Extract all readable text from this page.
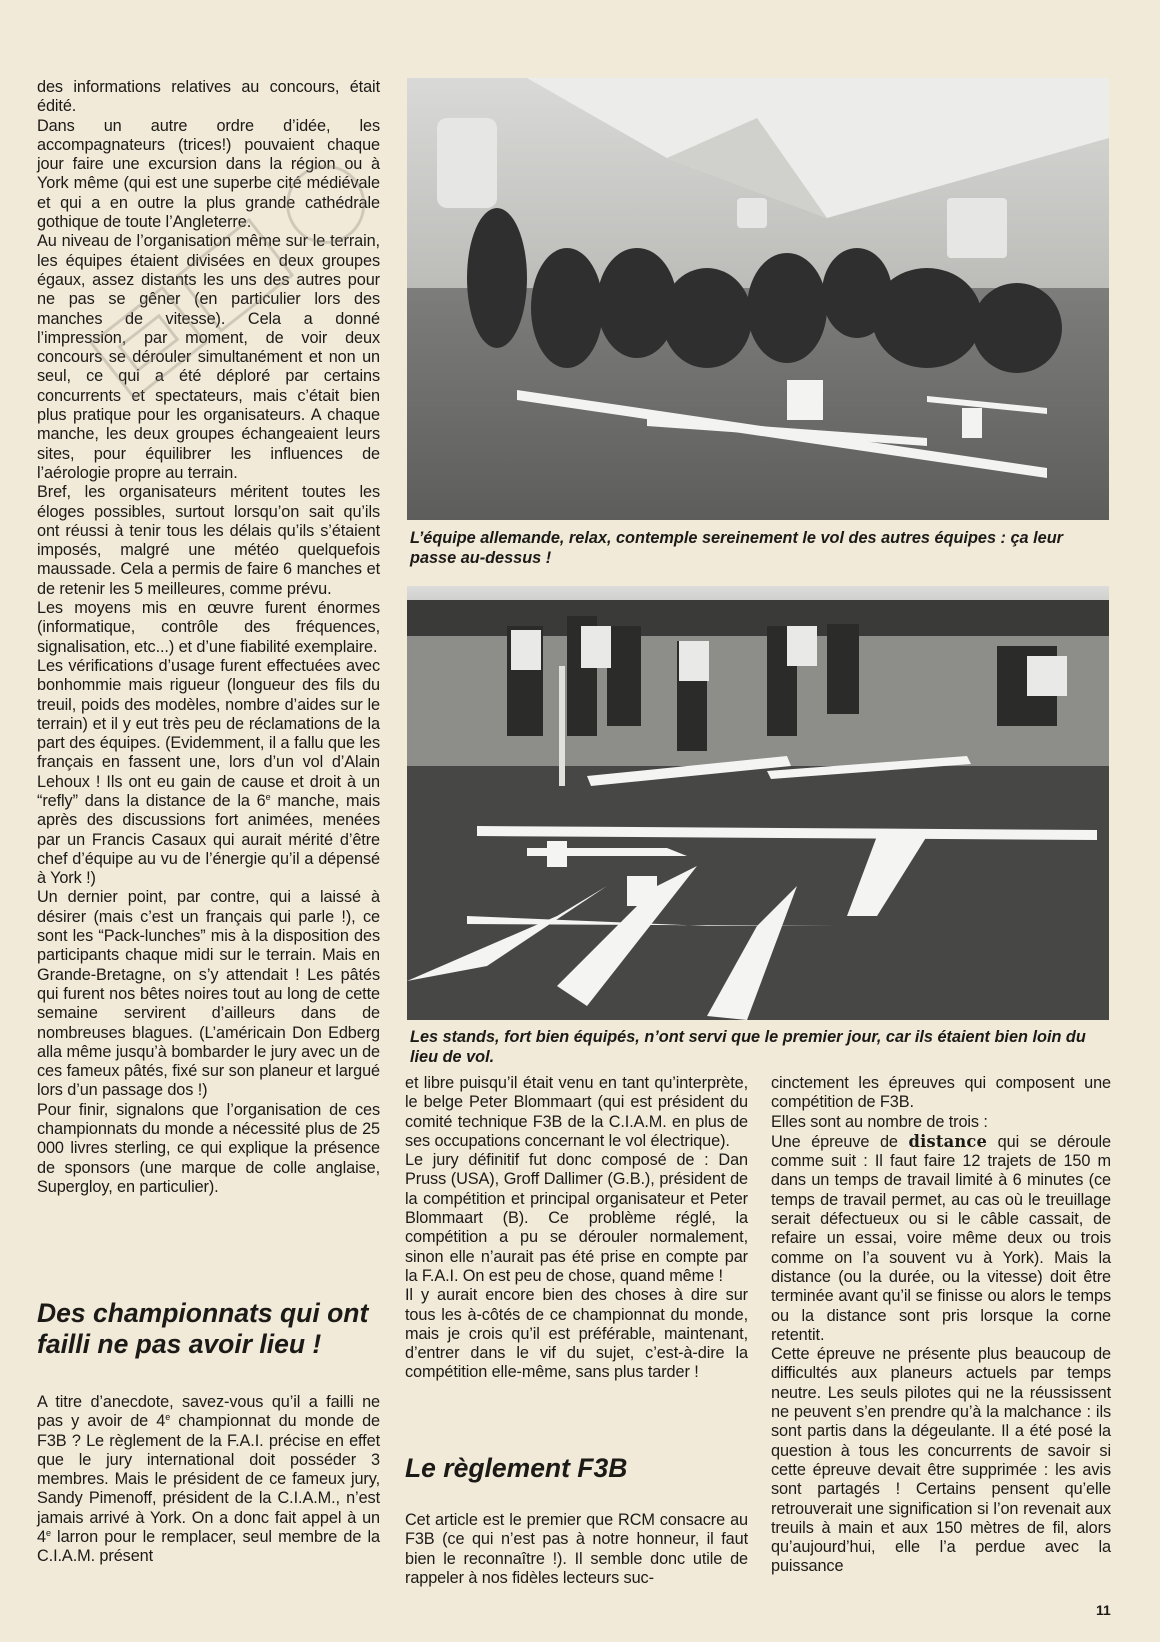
des informations relatives au concours, était édité.

Dans un autre ordre d’idée, les accompagnateurs (trices!) pouvaient chaque jour faire une excursion dans la région ou à York même (qui est une superbe cité médiévale et qui a en outre la plus grande cathédrale gothique de toute l’Angleterre.

Au niveau de l’organisation même sur le terrain, les équipes étaient divisées en deux groupes égaux, assez distants les uns des autres pour ne pas se gêner (en particulier lors des manches de vitesse). Cela a donné l’impression, par moment, de voir deux concours se dérouler simultanément et non un seul, ce qui a été déploré par certains concurrents et spectateurs, mais c’était bien plus pratique pour les organisateurs. A chaque manche, les deux groupes échangeaient leurs sites, pour équilibrer les influences de l’aérologie propre au terrain.

Bref, les organisateurs méritent toutes les éloges possibles, surtout lorsqu’on sait qu’ils ont réussi à tenir tous les délais qu’ils s’étaient imposés, malgré une météo quelquefois maussade. Cela a permis de faire 6 manches et de retenir les 5 meilleures, comme prévu.

Les moyens mis en œuvre furent énormes (informatique, contrôle des fréquences, signalisation, etc...) et d’une fiabilité exemplaire.

Les vérifications d’usage furent effectuées avec bonhommie mais rigueur (longueur des fils du treuil, poids des modèles, nombre d’aides sur le terrain) et il y eut très peu de réclamations de la part des équipes. (Evidemment, il a fallu que les français en fassent une, lors d’un vol d’Alain Lehoux ! Ils ont eu gain de cause et droit à un “refly” dans la distance de la 6e manche, mais après des discussions fort animées, menées par un Francis Casaux qui aurait mérité d’être chef d’équipe au vu de l’énergie qu’il a dépensé à York !)

Un dernier point, par contre, qui a laissé à désirer (mais c’est un français qui parle !), ce sont les “Pack-lunches” mis à la disposition des participants chaque midi sur le terrain. Mais en Grande-Bretagne, on s’y attendait ! Les pâtés qui furent nos bêtes noires tout au long de cette semaine servirent d’ailleurs dans de nombreuses blagues. (L’américain Don Edberg alla même jusqu’à bombarder le jury avec un de ces fameux pâtés, fixé sur son planeur et largué lors d’un passage dos !)

Pour finir, signalons que l’organisation de ces championnats du monde a nécessité plus de 25 000 livres sterling, ce qui explique la présence de sponsors (une marque de colle anglaise, Supergloy, en particulier).

Des championnats qui ont failli ne pas avoir lieu !

A titre d’anecdote, savez-vous qu’il a failli ne pas y avoir de 4e championnat du monde de F3B ? Le règlement de la F.A.I. précise en effet que le jury international doit posséder 3 membres. Mais le président de ce fameux jury, Sandy Pimenoff, président de la C.I.A.M., n’est jamais arrivé à York. On a donc fait appel à un 4e larron pour le remplacer, seul membre de la C.I.A.M. présent

L’équipe allemande, relax, contemple sereinement le vol des autres équipes : ça leur passe au-dessus !

Les stands, fort bien équipés, n’ont servi que le premier jour, car ils étaient bien loin du lieu de vol.

et libre puisqu’il était venu en tant qu’interprète, le belge Peter Blommaart (qui est président du comité technique F3B de la C.I.A.M. en plus de ses occupations concernant le vol électrique).

Le jury définitif fut donc composé de : Dan Pruss (USA), Groff Dallimer (G.B.), président de la compétition et principal organisateur et Peter Blommaart (B). Ce problème réglé, la compétition a pu se dérouler normalement, sinon elle n’aurait pas été prise en compte par la F.A.I. On est peu de chose, quand même !

Il y aurait encore bien des choses à dire sur tous les à-côtés de ce championnat du monde, mais je crois qu’il est préférable, maintenant, d’entrer dans le vif du sujet, c’est-à-dire la compétition elle-même, sans plus tarder !

Le règlement F3B

Cet article est le premier que RCM consacre au F3B (ce qui n’est pas à notre honneur, il faut bien le reconnaître !). Il semble donc utile de rappeler à nos fidèles lecteurs suc-

cinctement les épreuves qui composent une compétition de F3B.

Elles sont au nombre de trois :

Une épreuve de distance qui se déroule comme suit : Il faut faire 12 trajets de 150 m dans un temps de travail limité à 6 minutes (ce temps de travail permet, au cas où le treuillage serait défectueux ou si le câble cassait, de refaire un essai, voire même deux ou trois comme on l’a souvent vu à York). Mais la distance (ou la durée, ou la vitesse) doit être terminée avant qu’il se finisse ou alors le temps ou la distance sont pris lorsque la corne retentit.

Cette épreuve ne présente plus beaucoup de difficultés aux planeurs actuels par temps neutre. Les seuls pilotes qui ne la réussissent ne peuvent s’en prendre qu’à la malchance : ils sont partis dans la dégeulante. Il a été posé la question à tous les concurrents de savoir si cette épreuve devait être supprimée : les avis sont partagés ! Certains pensent qu’elle retrouverait une signification si l’on revenait aux treuils à main et aux 150 mètres de fil, alors qu’aujourd’hui, elle l’a perdue avec la puissance

11
